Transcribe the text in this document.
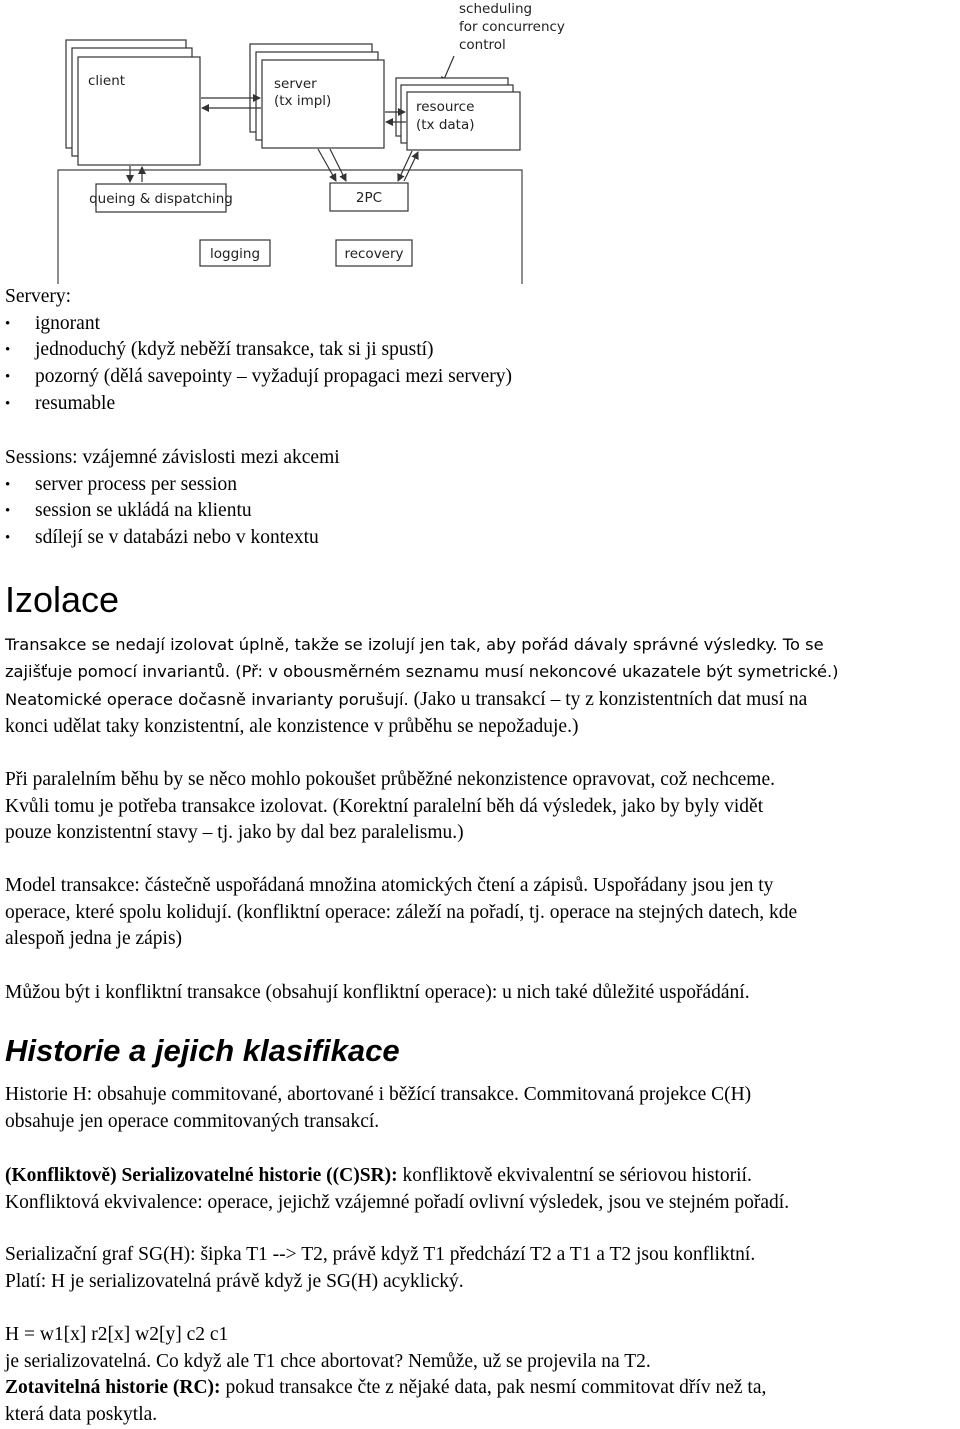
scheduling
for concurrency
control
client	server
(tx impl)	resource
(tx data)
queing & dispatching	2PC
logging	recovery
Servery:
• ignorant
• jednoduchý (když neběží transakce, tak si ji spustí)
• pozorný (dělá savepointy – vyžadují propagaci mezi servery)
• resumable
Sessions: vzájemné závislosti mezi akcemi
• server process per session
• session se ukládá na klientu
• sdílejí se v databázi nebo v kontextu
Izolace
Transakce se nedají izolovat úplně, takže se izolují jen tak, aby pořád dávaly správné výsledky. To se
zajišťuje pomocí invariantů. (Př: v obousměrném seznamu musí nekoncové ukazatele být symetrické.)
Neatomické operace dočasně invarianty porušují. (Jako u transakcí – ty z konzistentních dat musí na
konci udělat taky konzistentní, ale konzistence v průběhu se nepožaduje.)
Při paralelním běhu by se něco mohlo pokoušet průběžné nekonzistence opravovat, což nechceme.
Kvůli tomu je potřeba transakce izolovat. (Korektní paralelní běh dá výsledek, jako by byly vidět
pouze konzistentní stavy – tj. jako by dal bez paralelismu.)
Model transakce: částečně uspořádaná množina atomických čtení a zápisů. Uspořádany jsou jen ty
operace, které spolu kolidují. (konfliktní operace: záleží na pořadí, tj. operace na stejných datech, kde
alespoň jedna je zápis)
Můžou být i konfliktní transakce (obsahují konfliktní operace): u nich také důležité uspořádání.
Historie a jejich klasifikace
Historie H: obsahuje commitované, abortované i běžící transakce. Commitovaná projekce C(H)
obsahuje jen operace commitovaných transakcí.
(Konfliktově) Serializovatelné historie ((C)SR): konfliktově ekvivalentní se sériovou historií.
Konfliktová ekvivalence: operace, jejichž vzájemné pořadí ovlivní výsledek, jsou ve stejném pořadí.
Serializační graf SG(H): šipka T1 --> T2, právě když T1 předchází T2 a T1 a T2 jsou konfliktní.
Platí: H je serializovatelná právě když je SG(H) acyklický.
H = w1[x] r2[x] w2[y] c2 c1
je serializovatelná. Co když ale T1 chce abortovat? Nemůže, už se projevila na T2.
Zotavitelná historie (RC): pokud transakce čte z nějaké data, pak nesmí commitovat dřív než ta,
která data poskytla.
